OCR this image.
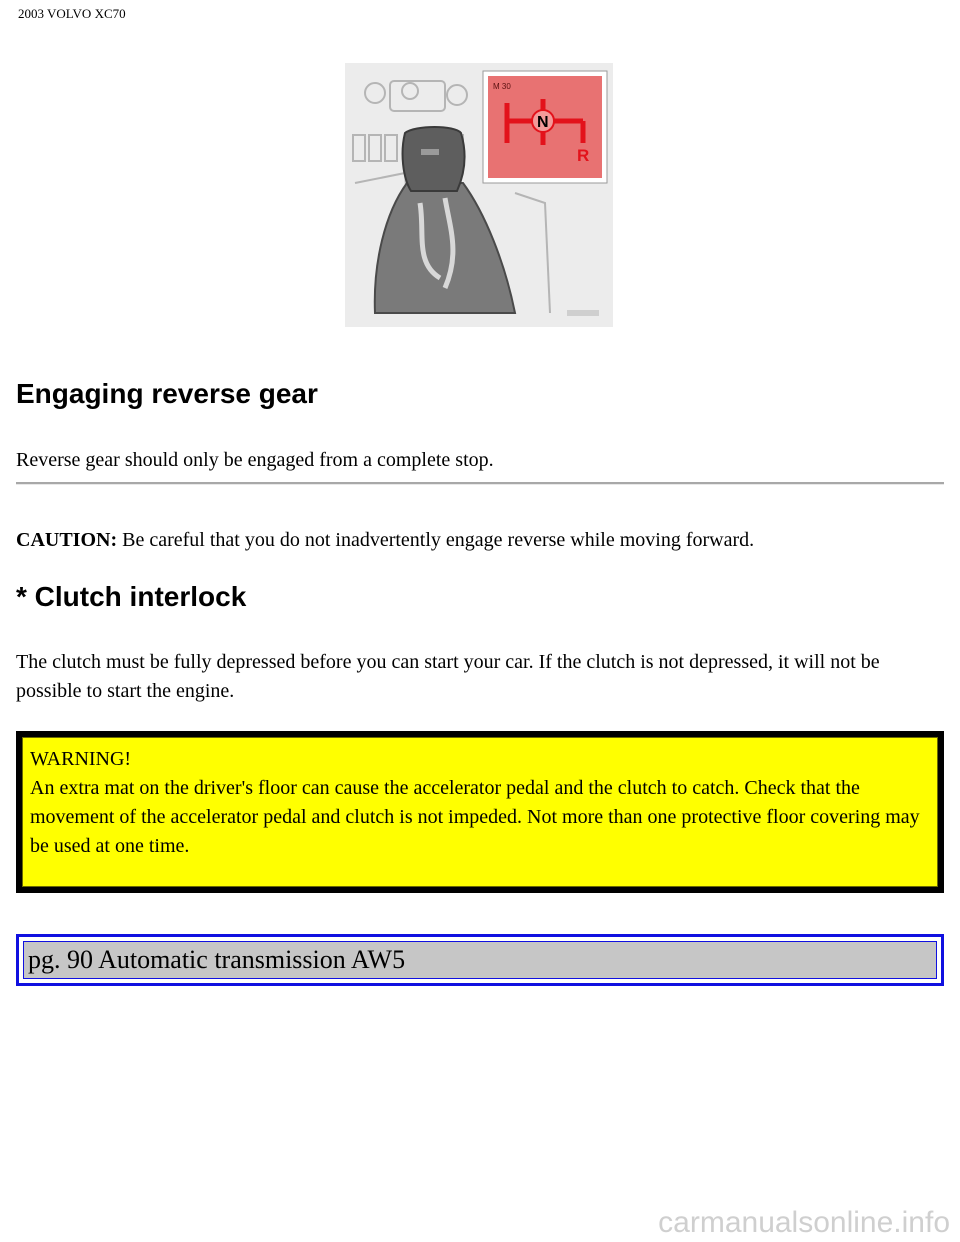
2003 VOLVO XC70
M 30
N
R
Engaging reverse gear

Reverse gear should only be engaged from a complete stop.

CAUTION: Be careful that you do not inadvertently engage reverse while moving forward.

* Clutch interlock

The clutch must be fully depressed before you can start your car. If the clutch is not depressed, it will not be possible to start the engine.

WARNING!
An extra mat on the driver's floor can cause the accelerator pedal and the clutch to catch. Check that the movement of the accelerator pedal and clutch is not impeded. Not more than one protective floor covering may be used at one time.
pg. 90 Automatic transmission AW5
carmanualsonline.info
